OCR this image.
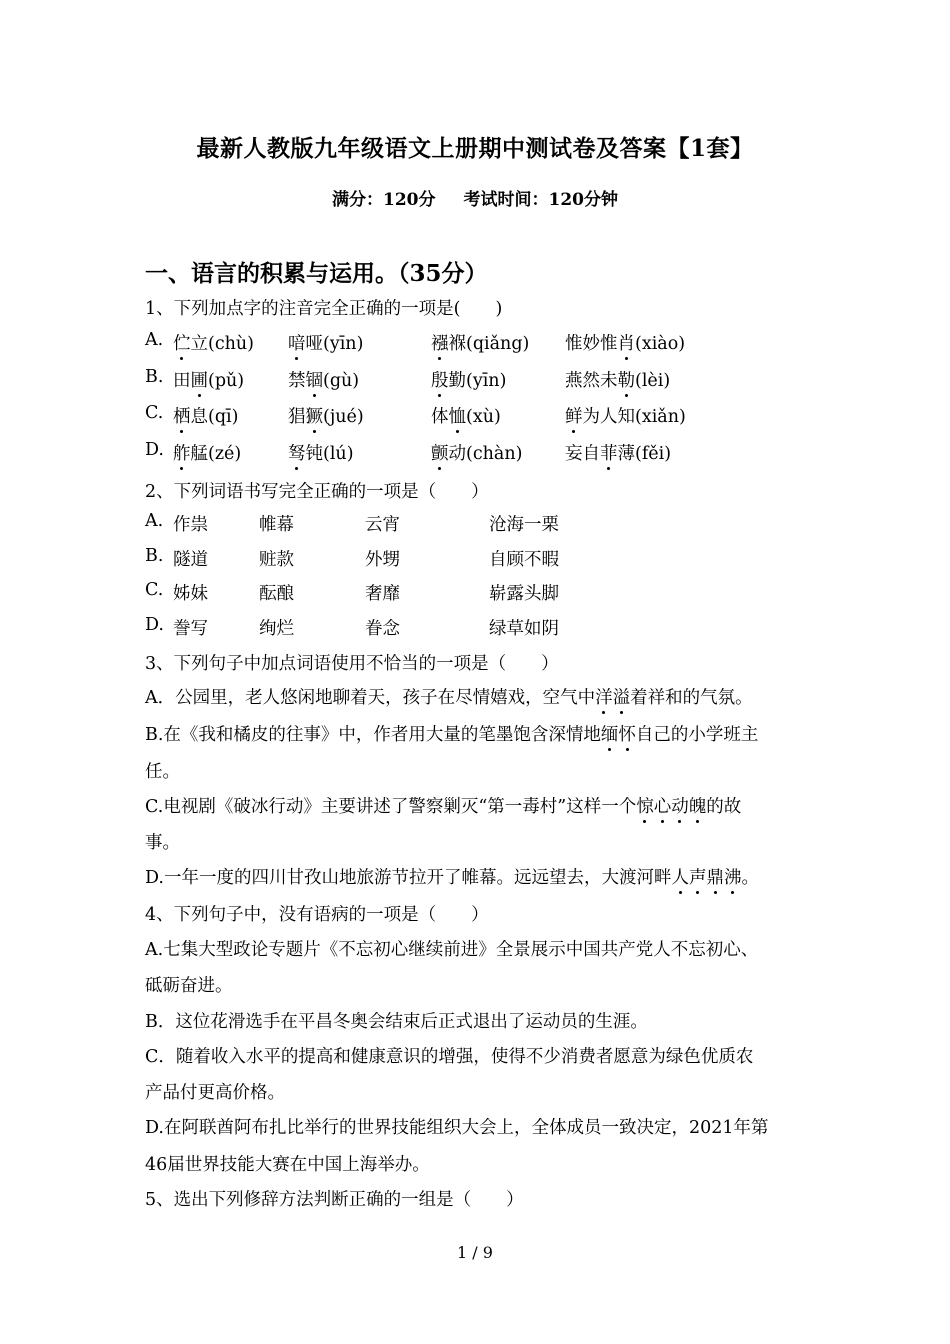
最新人教版九年级语文上册期中测试卷及答案【1套】
满分：120分 考试时间：120分钟
一、语言的积累与运用。（35分）
1、下列加点字的注音完全正确的一项是(　　)
A. 伫立(chù) 喑哑(yīn)	襁褓(qiǎng) 惟妙惟肖(xiào)
B. 田圃(pǔ)	禁锢(gù)	殷勤(yīn)	燕然未勒(lèi)
C. 栖息(qī)	猖獗(jué)	体恤(xù)	鲜为人知(xiǎn)
D. 舴艋(zé)	驽钝(lú)	颤动(chàn) 妄自菲薄(fěi)
2、下列词语书写完全正确的一项是（　　）
A. 作祟	帷幕	云宵	沧海一栗
B. 隧道	赃款	外甥	自顾不暇
C. 姊妹	酝酿	奢靡	崭露头脚
D. 誊写	绚烂	眷念	绿草如阴
3、下列句子中加点词语使用不恰当的一项是（　　）
A．公园里，老人悠闲地聊着天，孩子在尽情嬉戏，空气中洋溢着祥和的气氛。
B.在《我和橘皮的往事》中，作者用大量的笔墨饱含深情地缅怀自己的小学班主
任。
C.电视剧《破冰行动》主要讲述了警察剿灭“第一毒村”这样一个惊心动魄的故
事。
D.一年一度的四川甘孜山地旅游节拉开了帷幕。远远望去，大渡河畔人声鼎沸。
4、下列句子中，没有语病的一项是（　　）
A.七集大型政论专题片《不忘初心继续前进》全景展示中国共产党人不忘初心、
砥砺奋进。
B．这位花滑选手在平昌冬奥会结束后正式退出了运动员的生涯。
C．随着收入水平的提高和健康意识的增强，使得不少消费者愿意为绿色优质农
产品付更高价格。
D.在阿联酋阿布扎比举行的世界技能组织大会上，全体成员一致决定，2021年第
46届世界技能大赛在中国上海举办。
5、选出下列修辞方法判断正确的一组是（　　）
1 / 9
